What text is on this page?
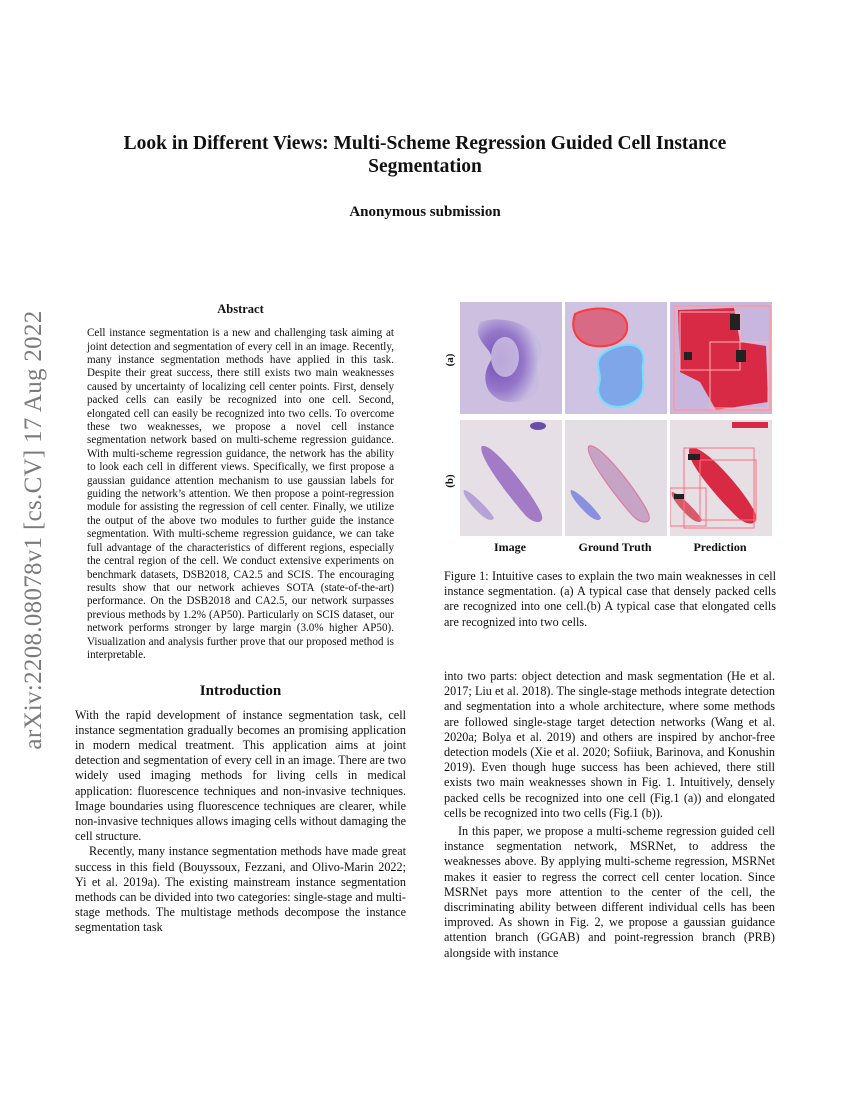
arXiv:2208.08078v1 [cs.CV] 17 Aug 2022
Look in Different Views: Multi-Scheme Regression Guided Cell Instance
Segmentation

Anonymous submission

Abstract

Cell instance segmentation is a new and challenging task aiming at joint detection and segmentation of every cell in an image. Recently, many instance segmentation methods have applied in this task. Despite their great success, there still exists two main weaknesses caused by uncertainty of localizing cell center points. First, densely packed cells can easily be recognized into one cell. Second, elongated cell can easily be recognized into two cells. To overcome these two weaknesses, we propose a novel cell instance segmentation network based on multi-scheme regression guidance. With multi-scheme regression guidance, the network has the ability to look each cell in different views. Specifically, we first propose a gaussian guidance attention mechanism to use gaussian labels for guiding the network’s attention. We then propose a point-regression module for assisting the regression of cell center. Finally, we utilize the output of the above two modules to further guide the instance segmentation. With multi-scheme regression guidance, we can take full advantage of the characteristics of different regions, especially the central region of the cell. We conduct extensive experiments on benchmark datasets, DSB2018, CA2.5 and SCIS. The encouraging results show that our network achieves SOTA (state-of-the-art) performance. On the DSB2018 and CA2.5, our network surpasses previous methods by 1.2% (AP50). Particularly on SCIS dataset, our network performs stronger by large margin (3.0% higher AP50). Visualization and analysis further prove that our proposed method is interpretable.

Introduction

With the rapid development of instance segmentation task, cell instance segmentation gradually becomes an promising application in modern medical treatment. This application aims at joint detection and segmentation of every cell in an image. There are two widely used imaging methods for living cells in medical application: fluorescence techniques and non-invasive techniques. Image boundaries using fluorescence techniques are clearer, while non-invasive techniques allows imaging cells without damaging the cell structure.

Recently, many instance segmentation methods have made great success in this field (Bouyssoux, Fezzani, and Olivo-Marin 2022; Yi et al. 2019a). The existing mainstream instance segmentation methods can be divided into two categories: single-stage and multi-stage methods. The multistage methods decompose the instance segmentation task

(a)
(b)
Image	Ground Truth	Prediction

Figure 1: Intuitive cases to explain the two main weaknesses in cell instance segmentation. (a) A typical case that densely packed cells are recognized into one cell.(b) A typical case that elongated cells are recognized into two cells.

into two parts: object detection and mask segmentation (He et al. 2017; Liu et al. 2018). The single-stage methods integrate detection and segmentation into a whole architecture, where some methods are followed single-stage target detection networks (Wang et al. 2020a; Bolya et al. 2019) and others are inspired by anchor-free detection models (Xie et al. 2020; Sofiiuk, Barinova, and Konushin 2019). Even though huge success has been achieved, there still exists two main weaknesses shown in Fig. 1. Intuitively, densely packed cells be recognized into one cell (Fig.1 (a)) and elongated cells be recognized into two cells (Fig.1 (b)).

In this paper, we propose a multi-scheme regression guided cell instance segmentation network, MSRNet, to address the weaknesses above. By applying multi-scheme regression, MSRNet makes it easier to regress the correct cell center location. Since MSRNet pays more attention to the center of the cell, the discriminating ability between different individual cells has been improved. As shown in Fig. 2, we propose a gaussian guidance attention branch (GGAB) and point-regression branch (PRB) alongside with instance
